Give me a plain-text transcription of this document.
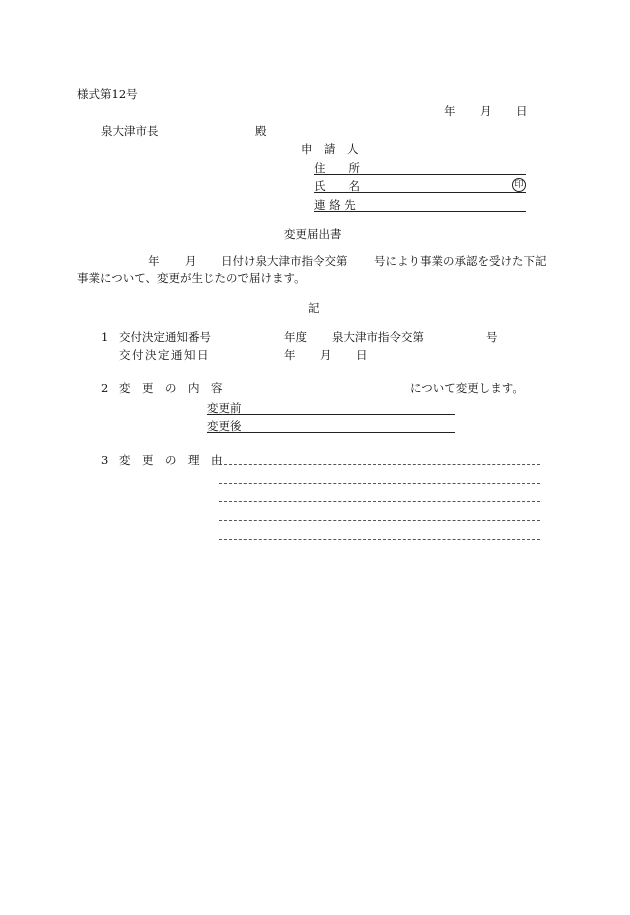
様式第12号
年 月 日
泉大津市長	殿
申　請　人
住　　所
氏　　名	印
連 絡 先
変更届出書
年 月 日付け泉大津市指令交第 号により事業の承認を受けた下記
事業について、変更が生じたので届けます。
記
1 交付決定通知番号	年度 泉大津市指令交第	号
交付決定通知日	年 月 日
2 変　更　の　内　容	について変更します。
変更前
変更後
3 変　更　の　理　由
